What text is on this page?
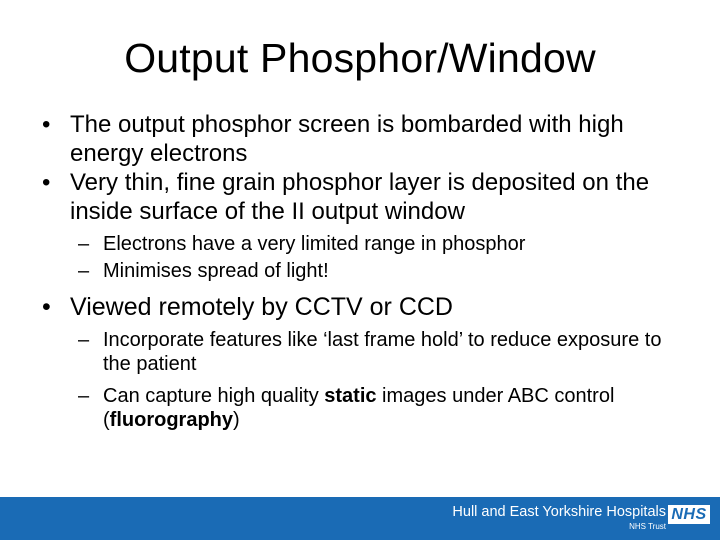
Output Phosphor/Window
• The output phosphor screen is bombarded with high energy electrons
• Very thin, fine grain phosphor layer is deposited on the inside surface of the II output window
– Electrons have a very limited range in phosphor
– Minimises spread of light!
• Viewed remotely by CCTV or CCD
– Incorporate features like ‘last frame hold’ to reduce exposure to the patient
– Can capture high quality static images under ABC control (fluorography)
Hull and East Yorkshire Hospitals
NHS Trust
NHS
